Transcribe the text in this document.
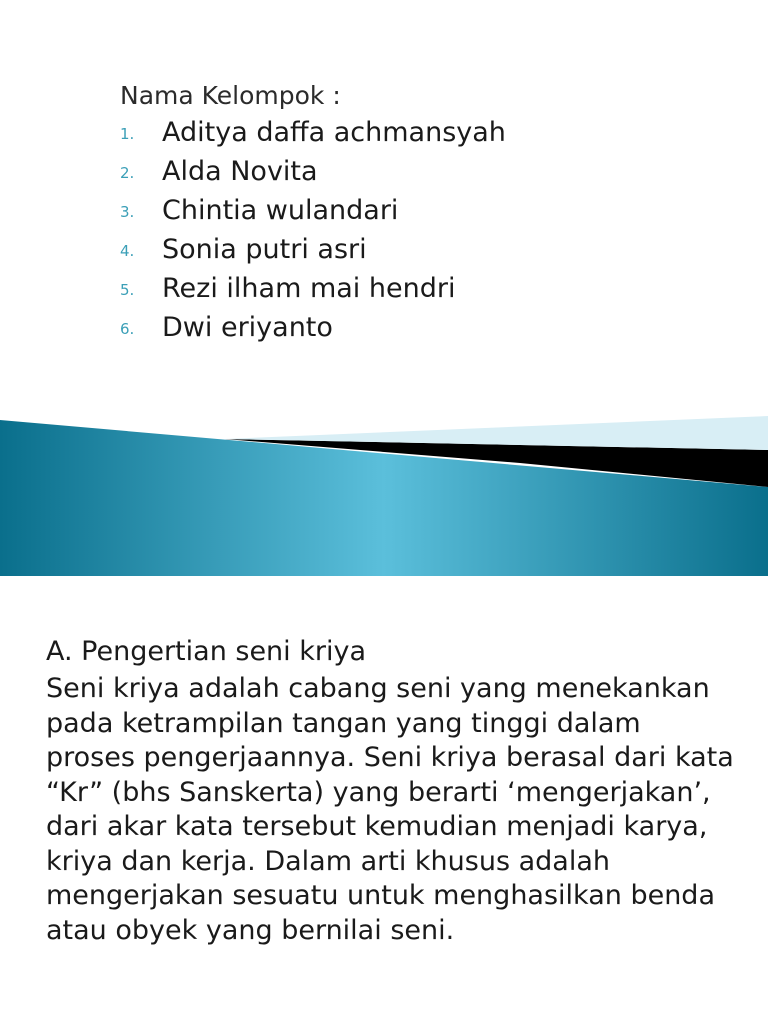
Nama Kelompok :
1. Aditya daffa achmansyah
2. Alda Novita
3. Chintia wulandari
4. Sonia putri asri
5. Rezi ilham mai hendri
6. Dwi eriyanto
A. Pengertian seni kriya

Seni kriya adalah cabang seni yang menekankan pada ketrampilan tangan yang tinggi dalam proses pengerjaannya. Seni kriya berasal dari kata “Kr” (bhs Sanskerta) yang berarti ‘mengerjakan’, dari akar kata tersebut kemudian menjadi karya, kriya dan kerja. Dalam arti khusus adalah mengerjakan sesuatu untuk menghasilkan benda atau obyek yang bernilai seni.
